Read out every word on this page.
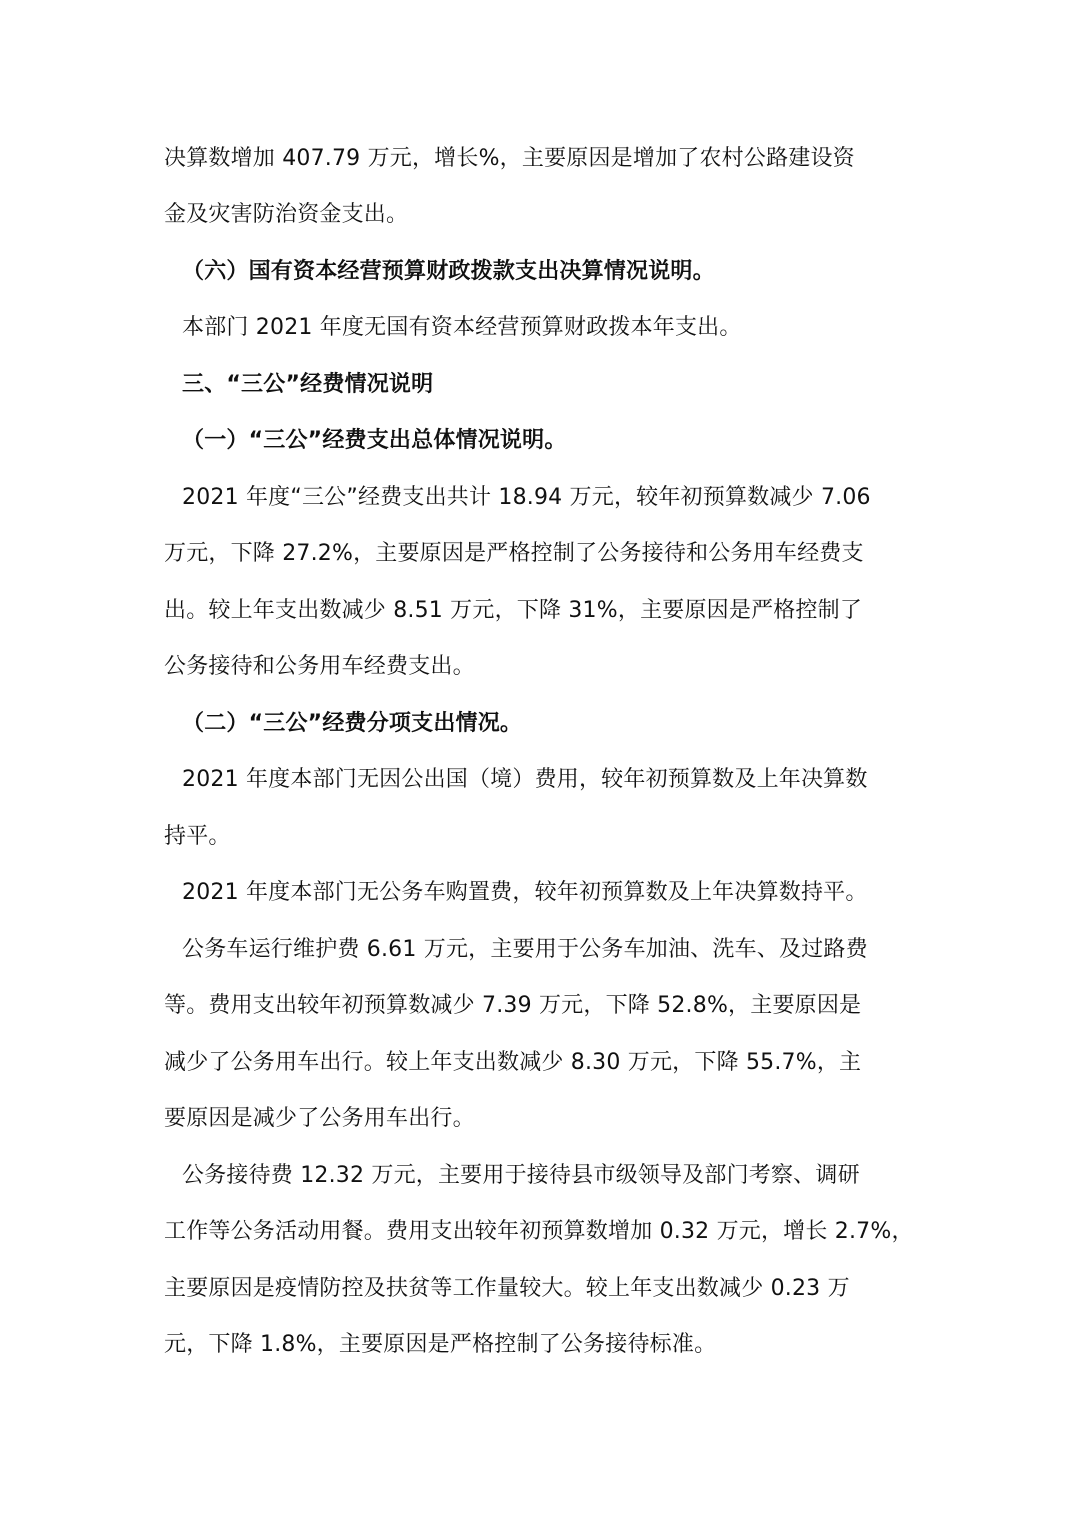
决算数增加 407.79 万元，增长%，主要原因是增加了农村公路建设资
金及灾害防治资金支出。
（六）国有资本经营预算财政拨款支出决算情况说明。
本部门 2021 年度无国有资本经营预算财政拨本年支出。
三、“三公”经费情况说明
（一）“三公”经费支出总体情况说明。
2021 年度“三公”经费支出共计 18.94 万元，较年初预算数减少 7.06
万元，下降 27.2%，主要原因是严格控制了公务接待和公务用车经费支
出。较上年支出数减少 8.51 万元，下降 31%，主要原因是严格控制了
公务接待和公务用车经费支出。
（二）“三公”经费分项支出情况。
2021 年度本部门无因公出国（境）费用，较年初预算数及上年决算数
持平。
2021 年度本部门无公务车购置费，较年初预算数及上年决算数持平。
公务车运行维护费 6.61 万元，主要用于公务车加油、洗车、及过路费
等。费用支出较年初预算数减少 7.39 万元，下降 52.8%，主要原因是
减少了公务用车出行。较上年支出数减少 8.30 万元，下降 55.7%，主
要原因是减少了公务用车出行。
公务接待费 12.32 万元，主要用于接待县市级领导及部门考察、调研
工作等公务活动用餐。费用支出较年初预算数增加 0.32 万元，增长 2.7%，
主要原因是疫情防控及扶贫等工作量较大。较上年支出数减少 0.23 万
元，下降 1.8%，主要原因是严格控制了公务接待标准。
